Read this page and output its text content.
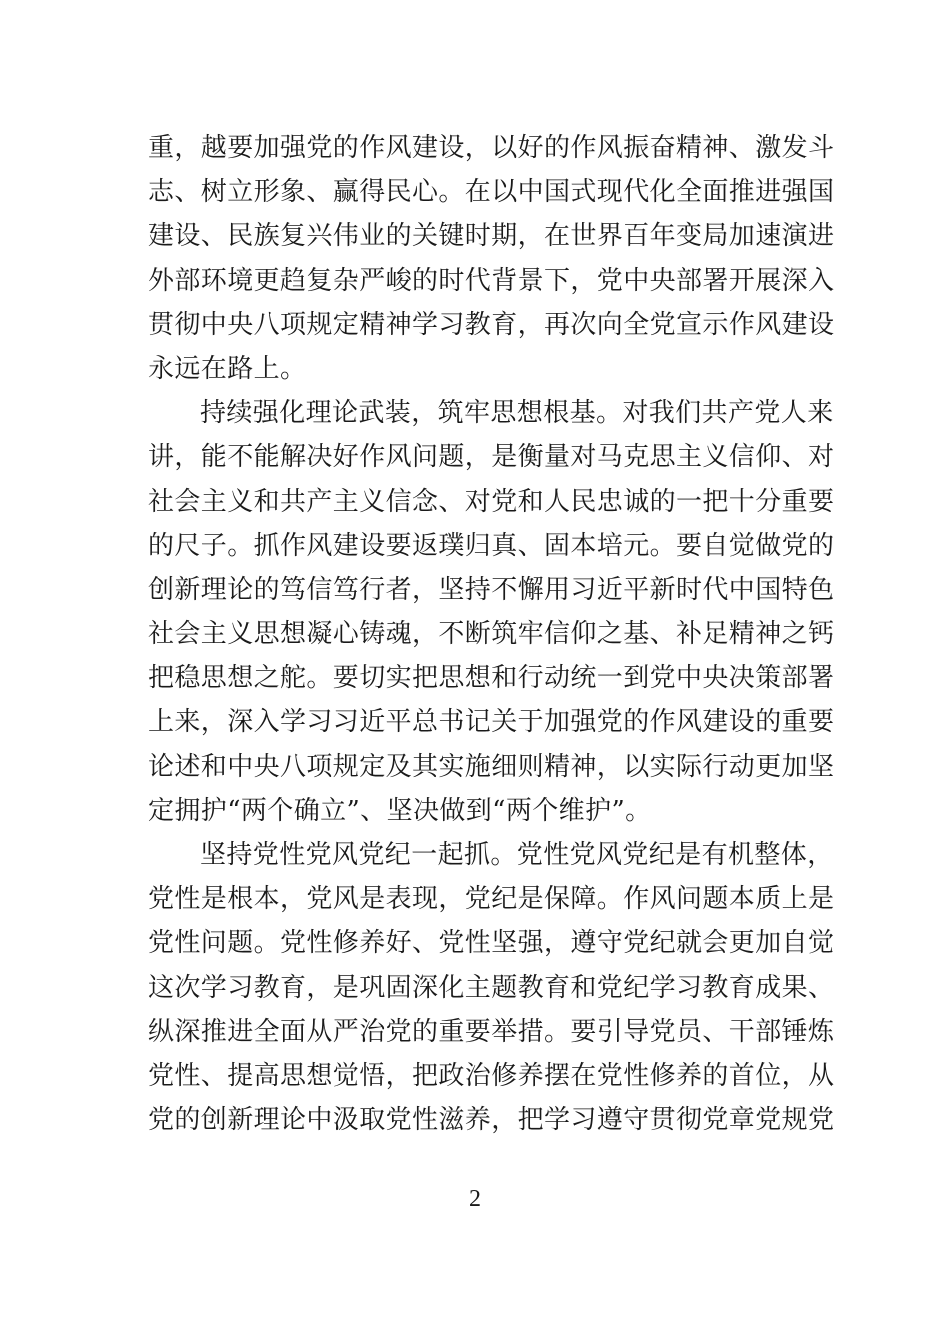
重，越要加强党的作风建设，以好的作风振奋精神、激发斗
志、树立形象、赢得民心。在以中国式现代化全面推进强国
建设、民族复兴伟业的关键时期，在世界百年变局加速演进
外部环境更趋复杂严峻的时代背景下，党中央部署开展深入
贯彻中央八项规定精神学习教育，再次向全党宣示作风建设
永远在路上。
持续强化理论武装，筑牢思想根基。对我们共产党人来
讲，能不能解决好作风问题，是衡量对马克思主义信仰、对
社会主义和共产主义信念、对党和人民忠诚的一把十分重要
的尺子。抓作风建设要返璞归真、固本培元。要自觉做党的
创新理论的笃信笃行者，坚持不懈用习近平新时代中国特色
社会主义思想凝心铸魂，不断筑牢信仰之基、补足精神之钙
把稳思想之舵。要切实把思想和行动统一到党中央决策部署
上来，深入学习习近平总书记关于加强党的作风建设的重要
论述和中央八项规定及其实施细则精神，以实际行动更加坚
定拥护“两个确立”、坚决做到“两个维护”。
坚持党性党风党纪一起抓。党性党风党纪是有机整体，
党性是根本，党风是表现，党纪是保障。作风问题本质上是
党性问题。党性修养好、党性坚强，遵守党纪就会更加自觉
这次学习教育，是巩固深化主题教育和党纪学习教育成果、
纵深推进全面从严治党的重要举措。要引导党员、干部锤炼
党性、提高思想觉悟，把政治修养摆在党性修养的首位，从
党的创新理论中汲取党性滋养，把学习遵守贯彻党章党规党
2
